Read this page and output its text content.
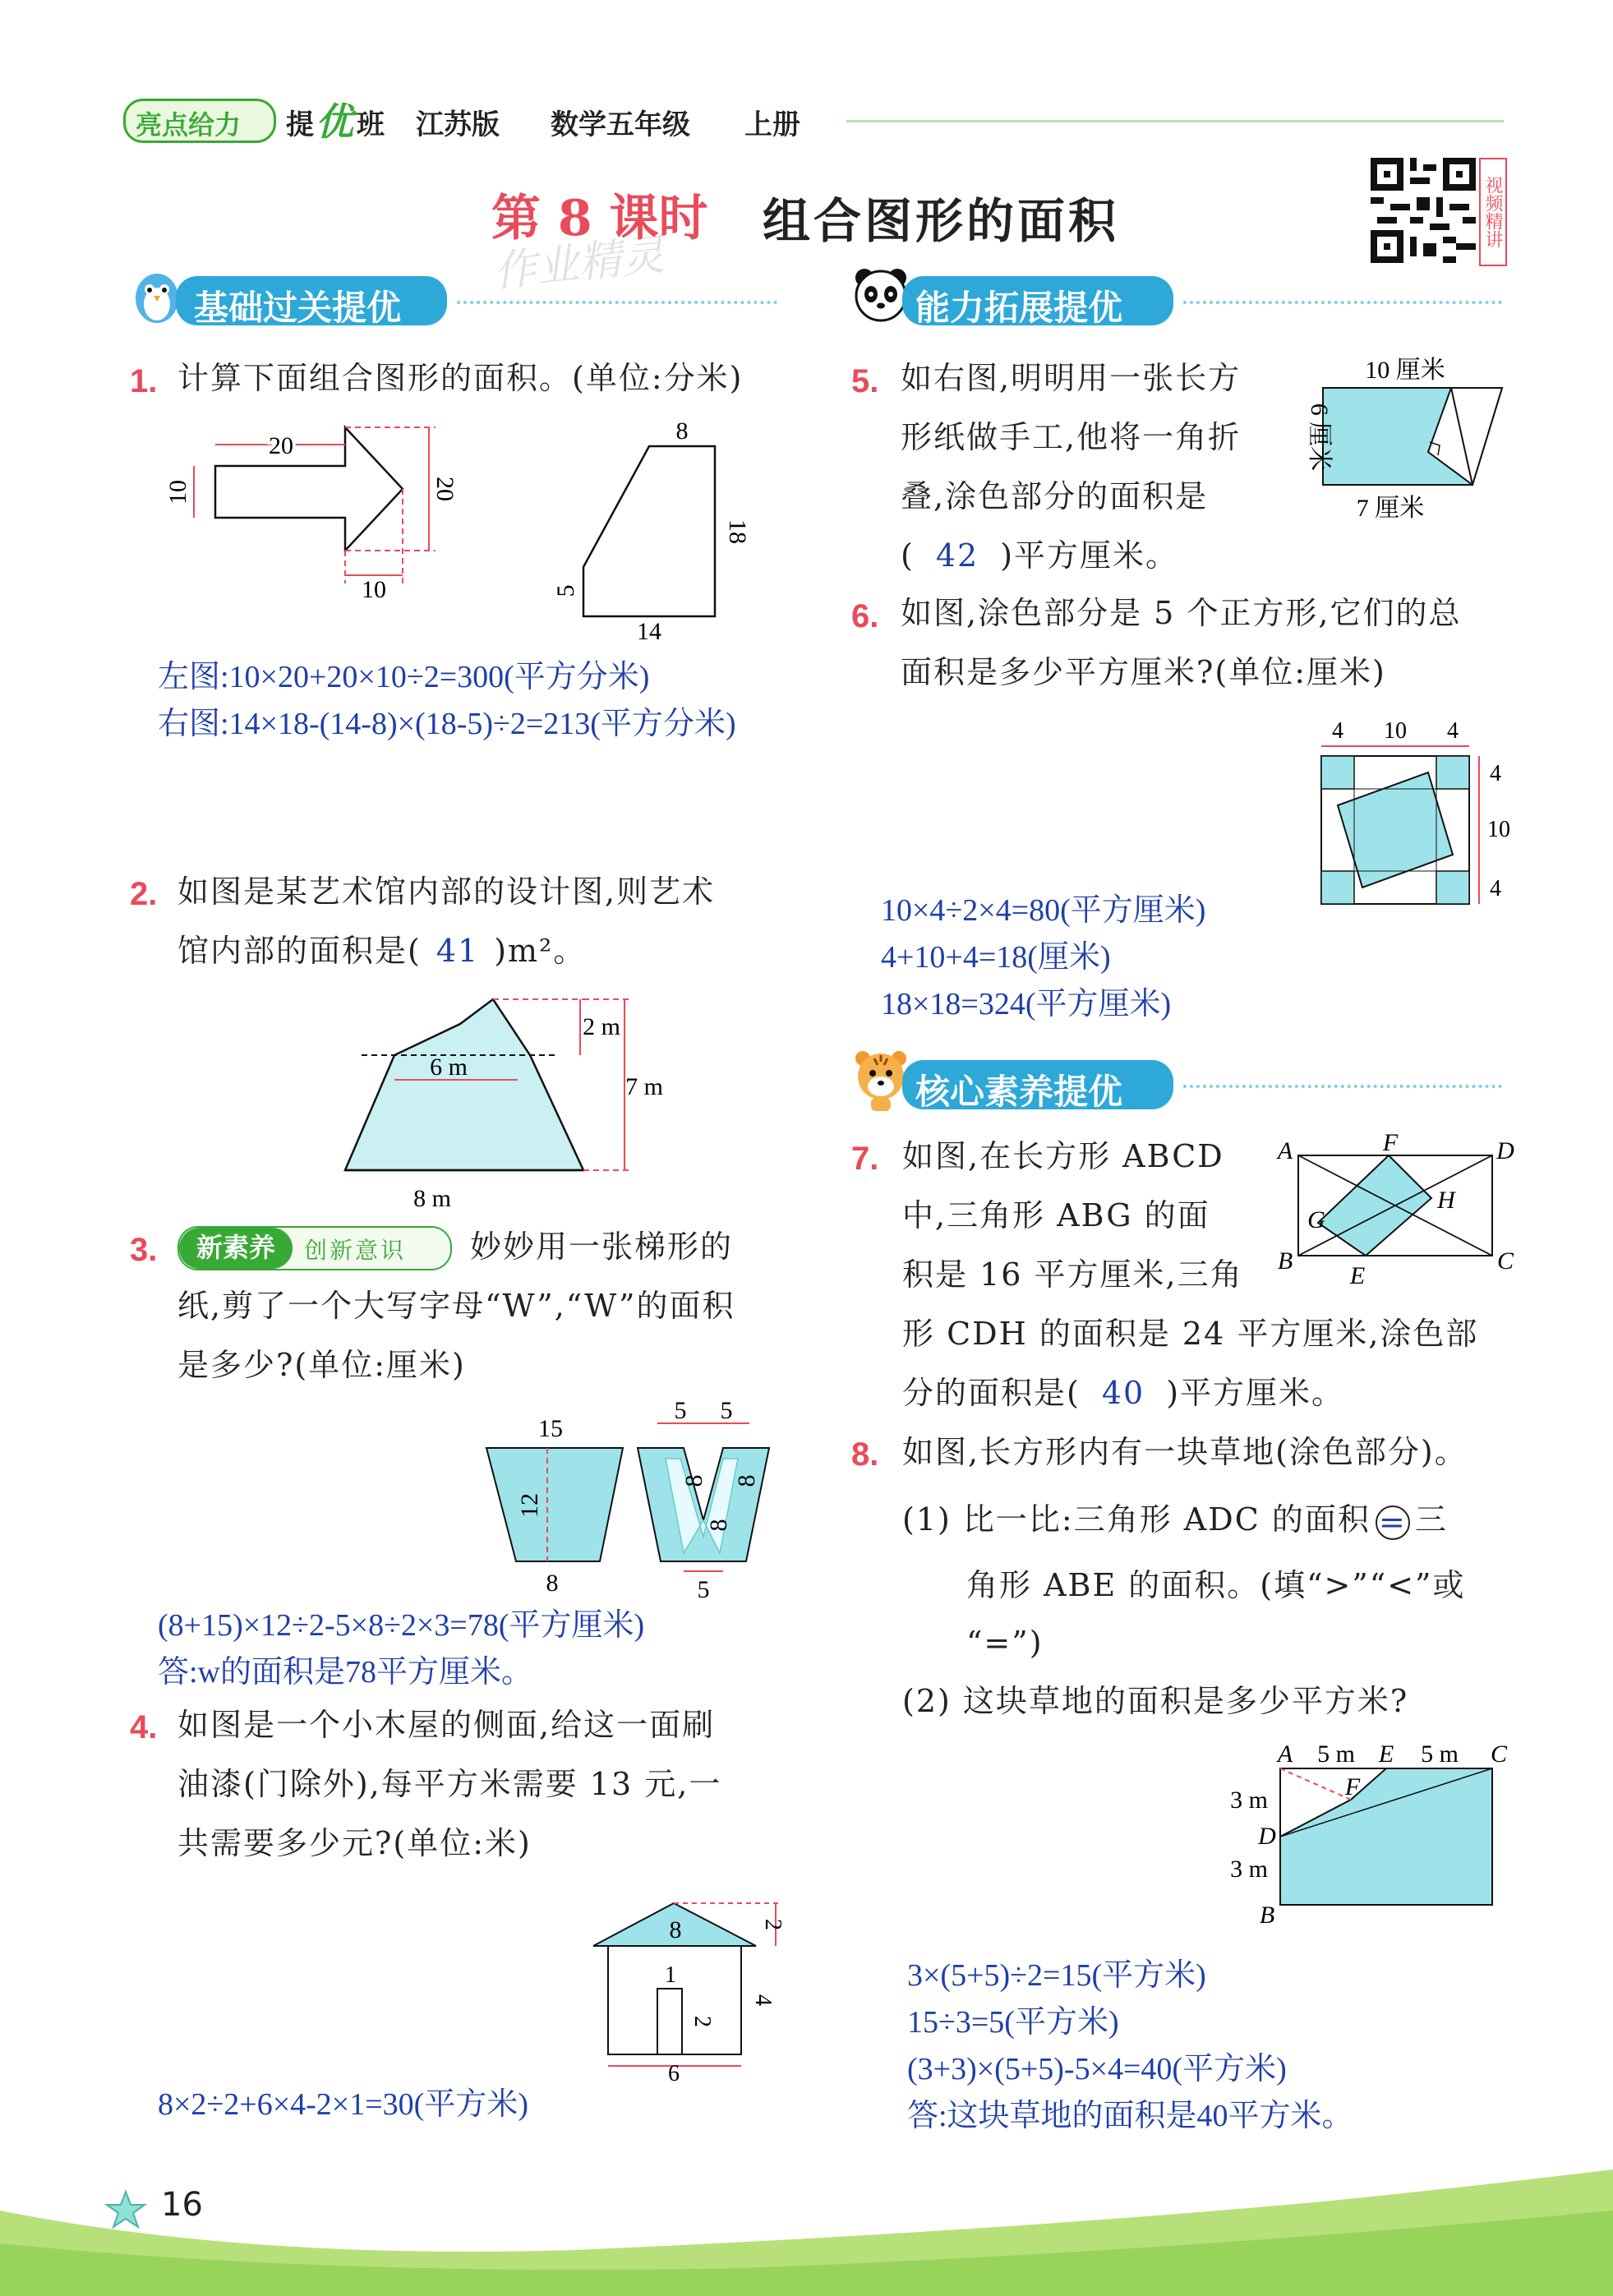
亮点给力 提 优 班 江苏版 数学五年级 上册
第 8 课时 组合图形的面积
作业精灵
视频精讲
基础过关提优
1. 计算下面组合图形的面积。(单位:分米)
20
10	20
10
8
18
5
14
左图:10×20+20×10÷2=300(平方分米)
右图:14×18-(14-8)×(18-5)÷2=213(平方分米)
2. 如图是某艺术馆内部的设计图,则艺术
馆内部的面积是( 41 )m²。
2 m
6 m
7 m
8 m
3.	新素养	创新意识 妙妙用一张梯形的
纸,剪了一个大写字母“W”,“W”的面积
是多少?(单位:厘米)
15
12
8
5 5
8 8
8
5
(8+15)×12÷2-5×8÷2×3=78(平方厘米)
答:w的面积是78平方厘米。
4. 如图是一个小木屋的侧面,给这一面刷
油漆(门除外),每平方米需要 13 元,一
共需要多少元?(单位:米)
8	2
1
2
4
6
8×2÷2+6×4-2×1=30(平方米)
能力拓展提优
5. 如右图,明明用一张长方
形纸做手工,他将一角折
叠,涂色部分的面积是
( 42 )平方厘米。
10 厘米
6 厘米
7 厘米
6. 如图,涂色部分是 5 个正方形,它们的总
面积是多少平方厘米?(单位:厘米)
4 10 4
4
10
4
10×4÷2×4=80(平方厘米)
4+10+4=18(厘米)
18×18=324(平方厘米)
核心素养提优
7. 如图,在长方形 ABCD
中,三角形 ABG 的面
积是 16 平方厘米,三角
形 CDH 的面积是 24 平方厘米,涂色部
分的面积是( 40 )平方厘米。
A
B	C
D
E
F
G
H
8. 如图,长方形内有一块草地(涂色部分)。
(1) 比一比:三角形 ADC 的面积 = 三
角形 ABE 的面积。(填“>”“<”或
“=”)
(2) 这块草地的面积是多少平方米?
A 5 m E 5 m C
F
3 m
D
3 m
B
3×(5+5)÷2=15(平方米)
15÷3=5(平方米)
(3+3)×(5+5)-5×4=40(平方米)
答:这块草地的面积是40平方米。
16
